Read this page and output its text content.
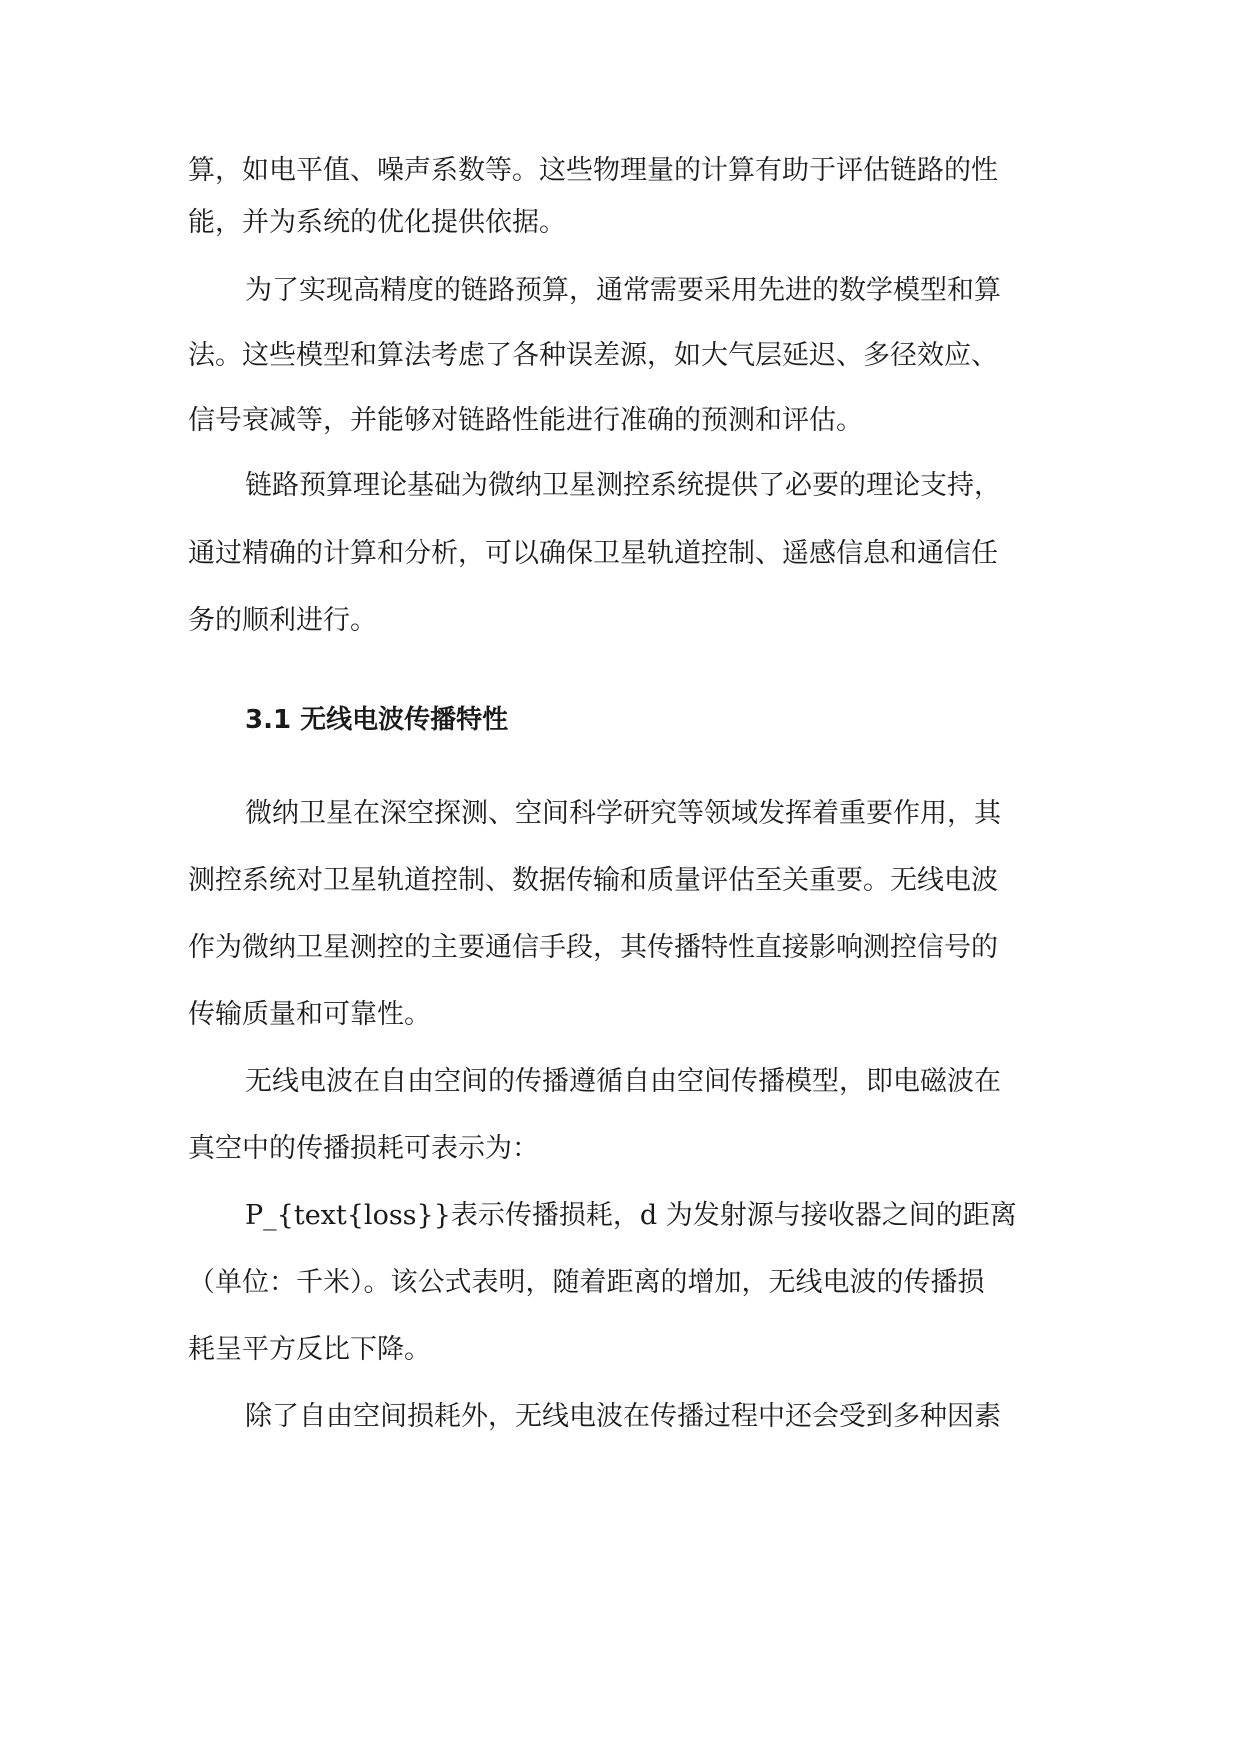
算，如电平值、噪声系数等。这些物理量的计算有助于评估链路的性
能，并为系统的优化提供依据。
为了实现高精度的链路预算，通常需要采用先进的数学模型和算
法。这些模型和算法考虑了各种误差源，如大气层延迟、多径效应、
信号衰减等，并能够对链路性能进行准确的预测和评估。
链路预算理论基础为微纳卫星测控系统提供了必要的理论支持，
通过精确的计算和分析，可以确保卫星轨道控制、遥感信息和通信任
务的顺利进行。
3.1 无线电波传播特性
微纳卫星在深空探测、空间科学研究等领域发挥着重要作用，其
测控系统对卫星轨道控制、数据传输和质量评估至关重要。无线电波
作为微纳卫星测控的主要通信手段，其传播特性直接影响测控信号的
传输质量和可靠性。
无线电波在自由空间的传播遵循自由空间传播模型，即电磁波在
真空中的传播损耗可表示为：
P_{text{loss}}表示传播损耗，d 为发射源与接收器之间的距离
（单位：千米）。该公式表明，随着距离的增加，无线电波的传播损
耗呈平方反比下降。
除了自由空间损耗外，无线电波在传播过程中还会受到多种因素
